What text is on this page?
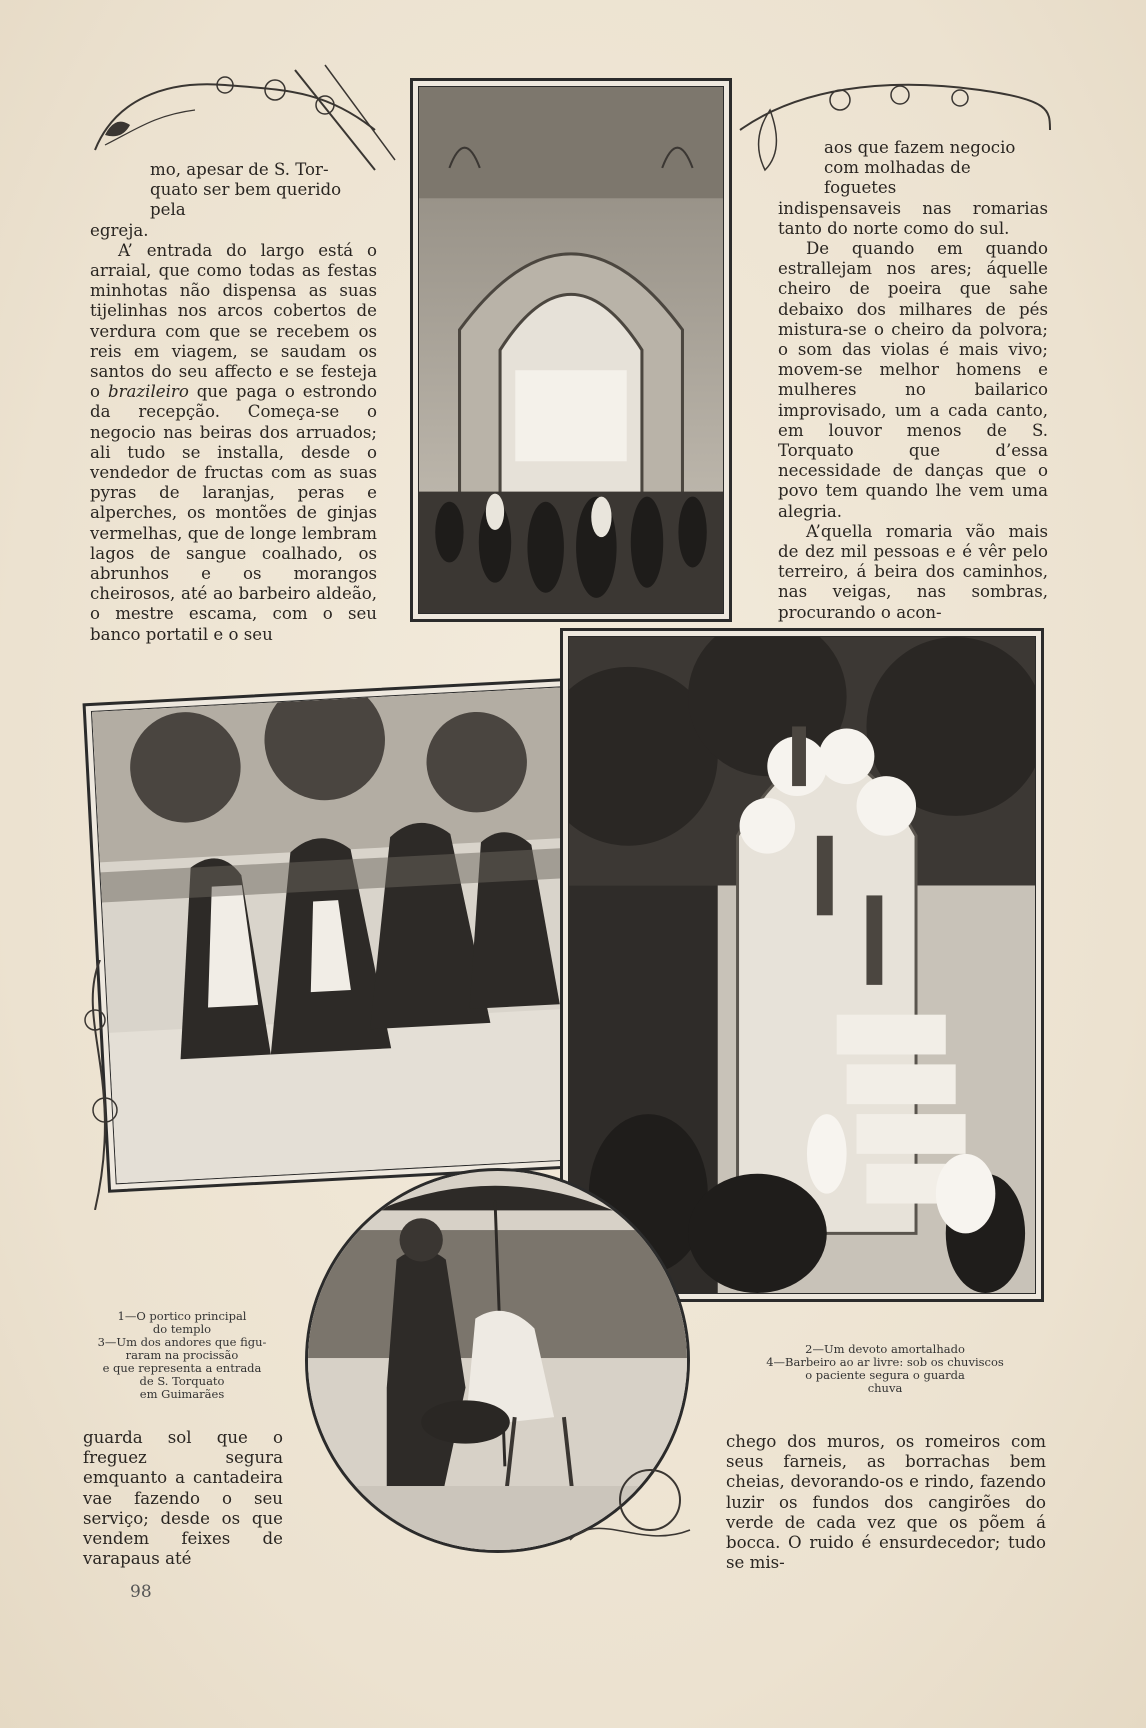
mo, apesar de S. Tor-
quato ser bem querido pela

egreja.

A’ entrada do largo está o arraial, que como todas as festas minhotas não dispensa as suas tijelinhas nos arcos cobertos de verdura com que se recebem os reis em viagem, se saudam os santos do seu affecto e se festeja o brazileiro que paga o estrondo da recepção. Começa-se o negocio nas beiras dos arruados; ali tudo se installa, desde o vendedor de fructas com as suas pyras de laranjas, peras e alperches, os montões de ginjas vermelhas, que de longe lembram lagos de sangue coalhado, os abrunhos e os morangos cheirosos, até ao barbeiro aldeão, o mestre escama, com o seu banco portatil e o seu

aos que fazem negocio
com molhadas de foguetes

indispensaveis nas romarias tanto do norte como do sul.

De quando em quando estrallejam nos ares; áquelle cheiro de poeira que sahe debaixo dos milhares de pés mistura-se o cheiro da polvora; o som das violas é mais vivo; movem-se melhor homens e mulheres no bailarico improvisado, um a cada canto, em louvor menos de S. Torquato que d’essa necessidade de danças que o povo tem quando lhe vem uma alegria.

A’quella romaria vão mais de dez mil pessoas e é vêr pelo terreiro, á beira dos caminhos, nas veigas, nas sombras, procurando o acon-

1—O portico principal
do templo
3—Um dos andores que figu-
raram na procissão
e que representa a entrada
de S. Torquato
em Guimarães
2—Um devoto amortalhado
4—Barbeiro ao ar livre: sob os chuviscos
o paciente segura o guarda
chuva

guarda sol que o freguez segura emquanto a cantadeira vae fazendo o seu serviço; desde os que vendem feixes de varapaus até

chego dos muros, os romeiros com seus farneis, as borrachas bem cheias, devorando-os e rindo, fazendo luzir os fundos dos cangirões do verde de cada vez que os põem á bocca. O ruido é ensurdecedor; tudo se mis-

98
